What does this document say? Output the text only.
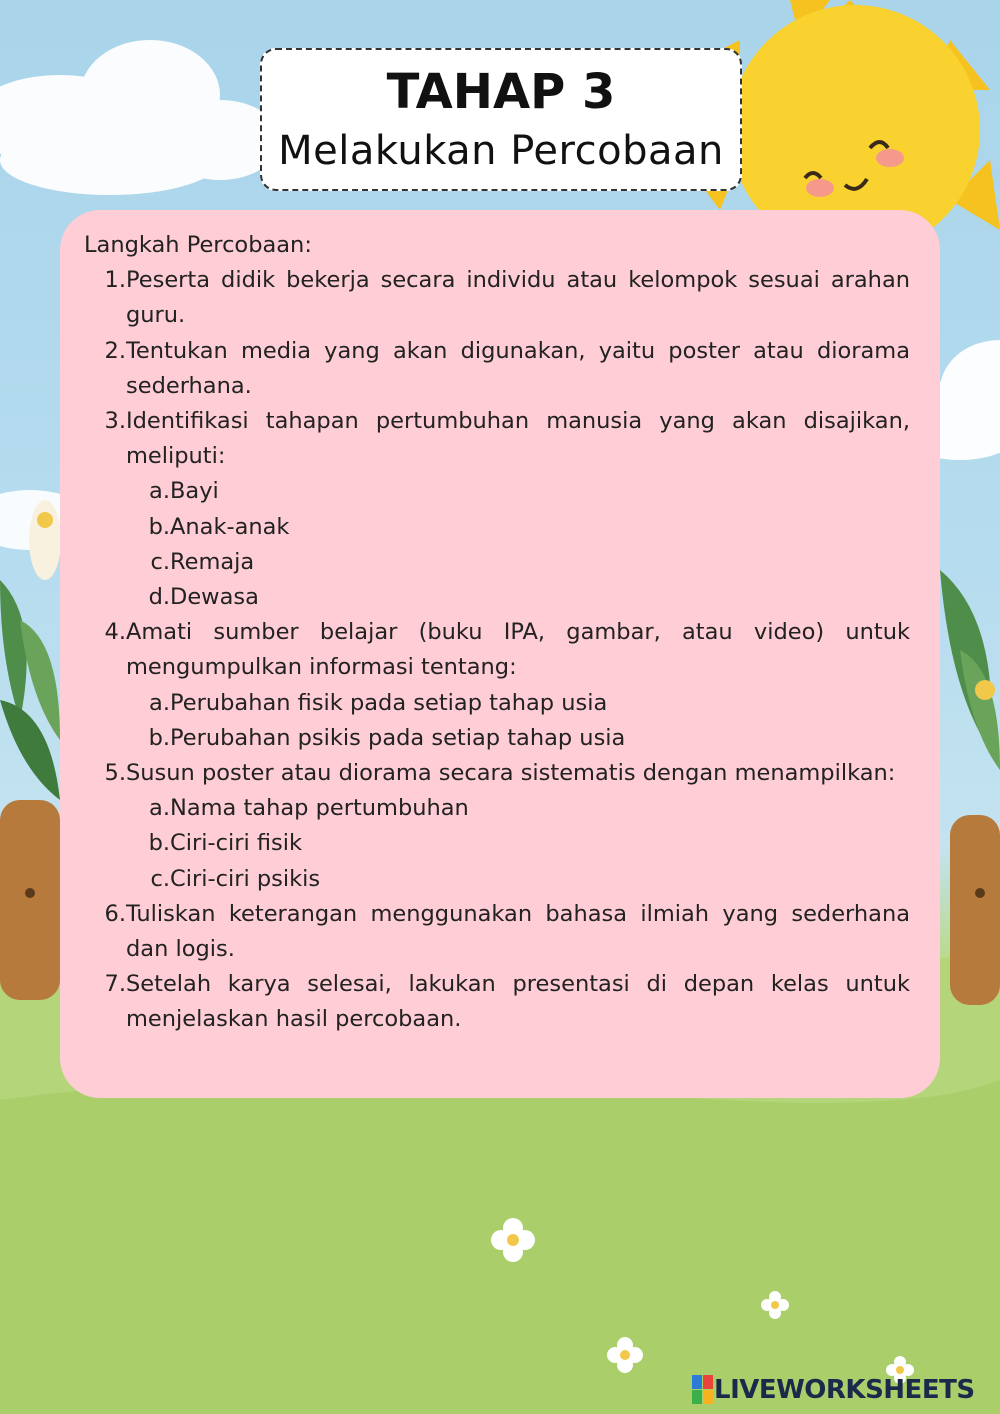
TAHAP 3
Melakukan Percobaan

Langkah Percobaan:

1. Peserta didik bekerja secara individu atau kelompok sesuai arahan guru.
2. Tentukan media yang akan digunakan, yaitu poster atau diorama sederhana.
3. Identifikasi tahapan pertumbuhan manusia yang akan disajikan, meliputi:
a. Bayi
b. Anak-anak
c. Remaja
d. Dewasa
4. Amati sumber belajar (buku IPA, gambar, atau video) untuk mengumpulkan informasi tentang:
a. Perubahan fisik pada setiap tahap usia
b. Perubahan psikis pada setiap tahap usia
5. Susun poster atau diorama secara sistematis dengan menampilkan:
a. Nama tahap pertumbuhan
b. Ciri-ciri fisik
c. Ciri-ciri psikis
6. Tuliskan keterangan menggunakan bahasa ilmiah yang sederhana dan logis.
7. Setelah karya selesai, lakukan presentasi di depan kelas untuk menjelaskan hasil percobaan.
LIVEWORKSHEETS
